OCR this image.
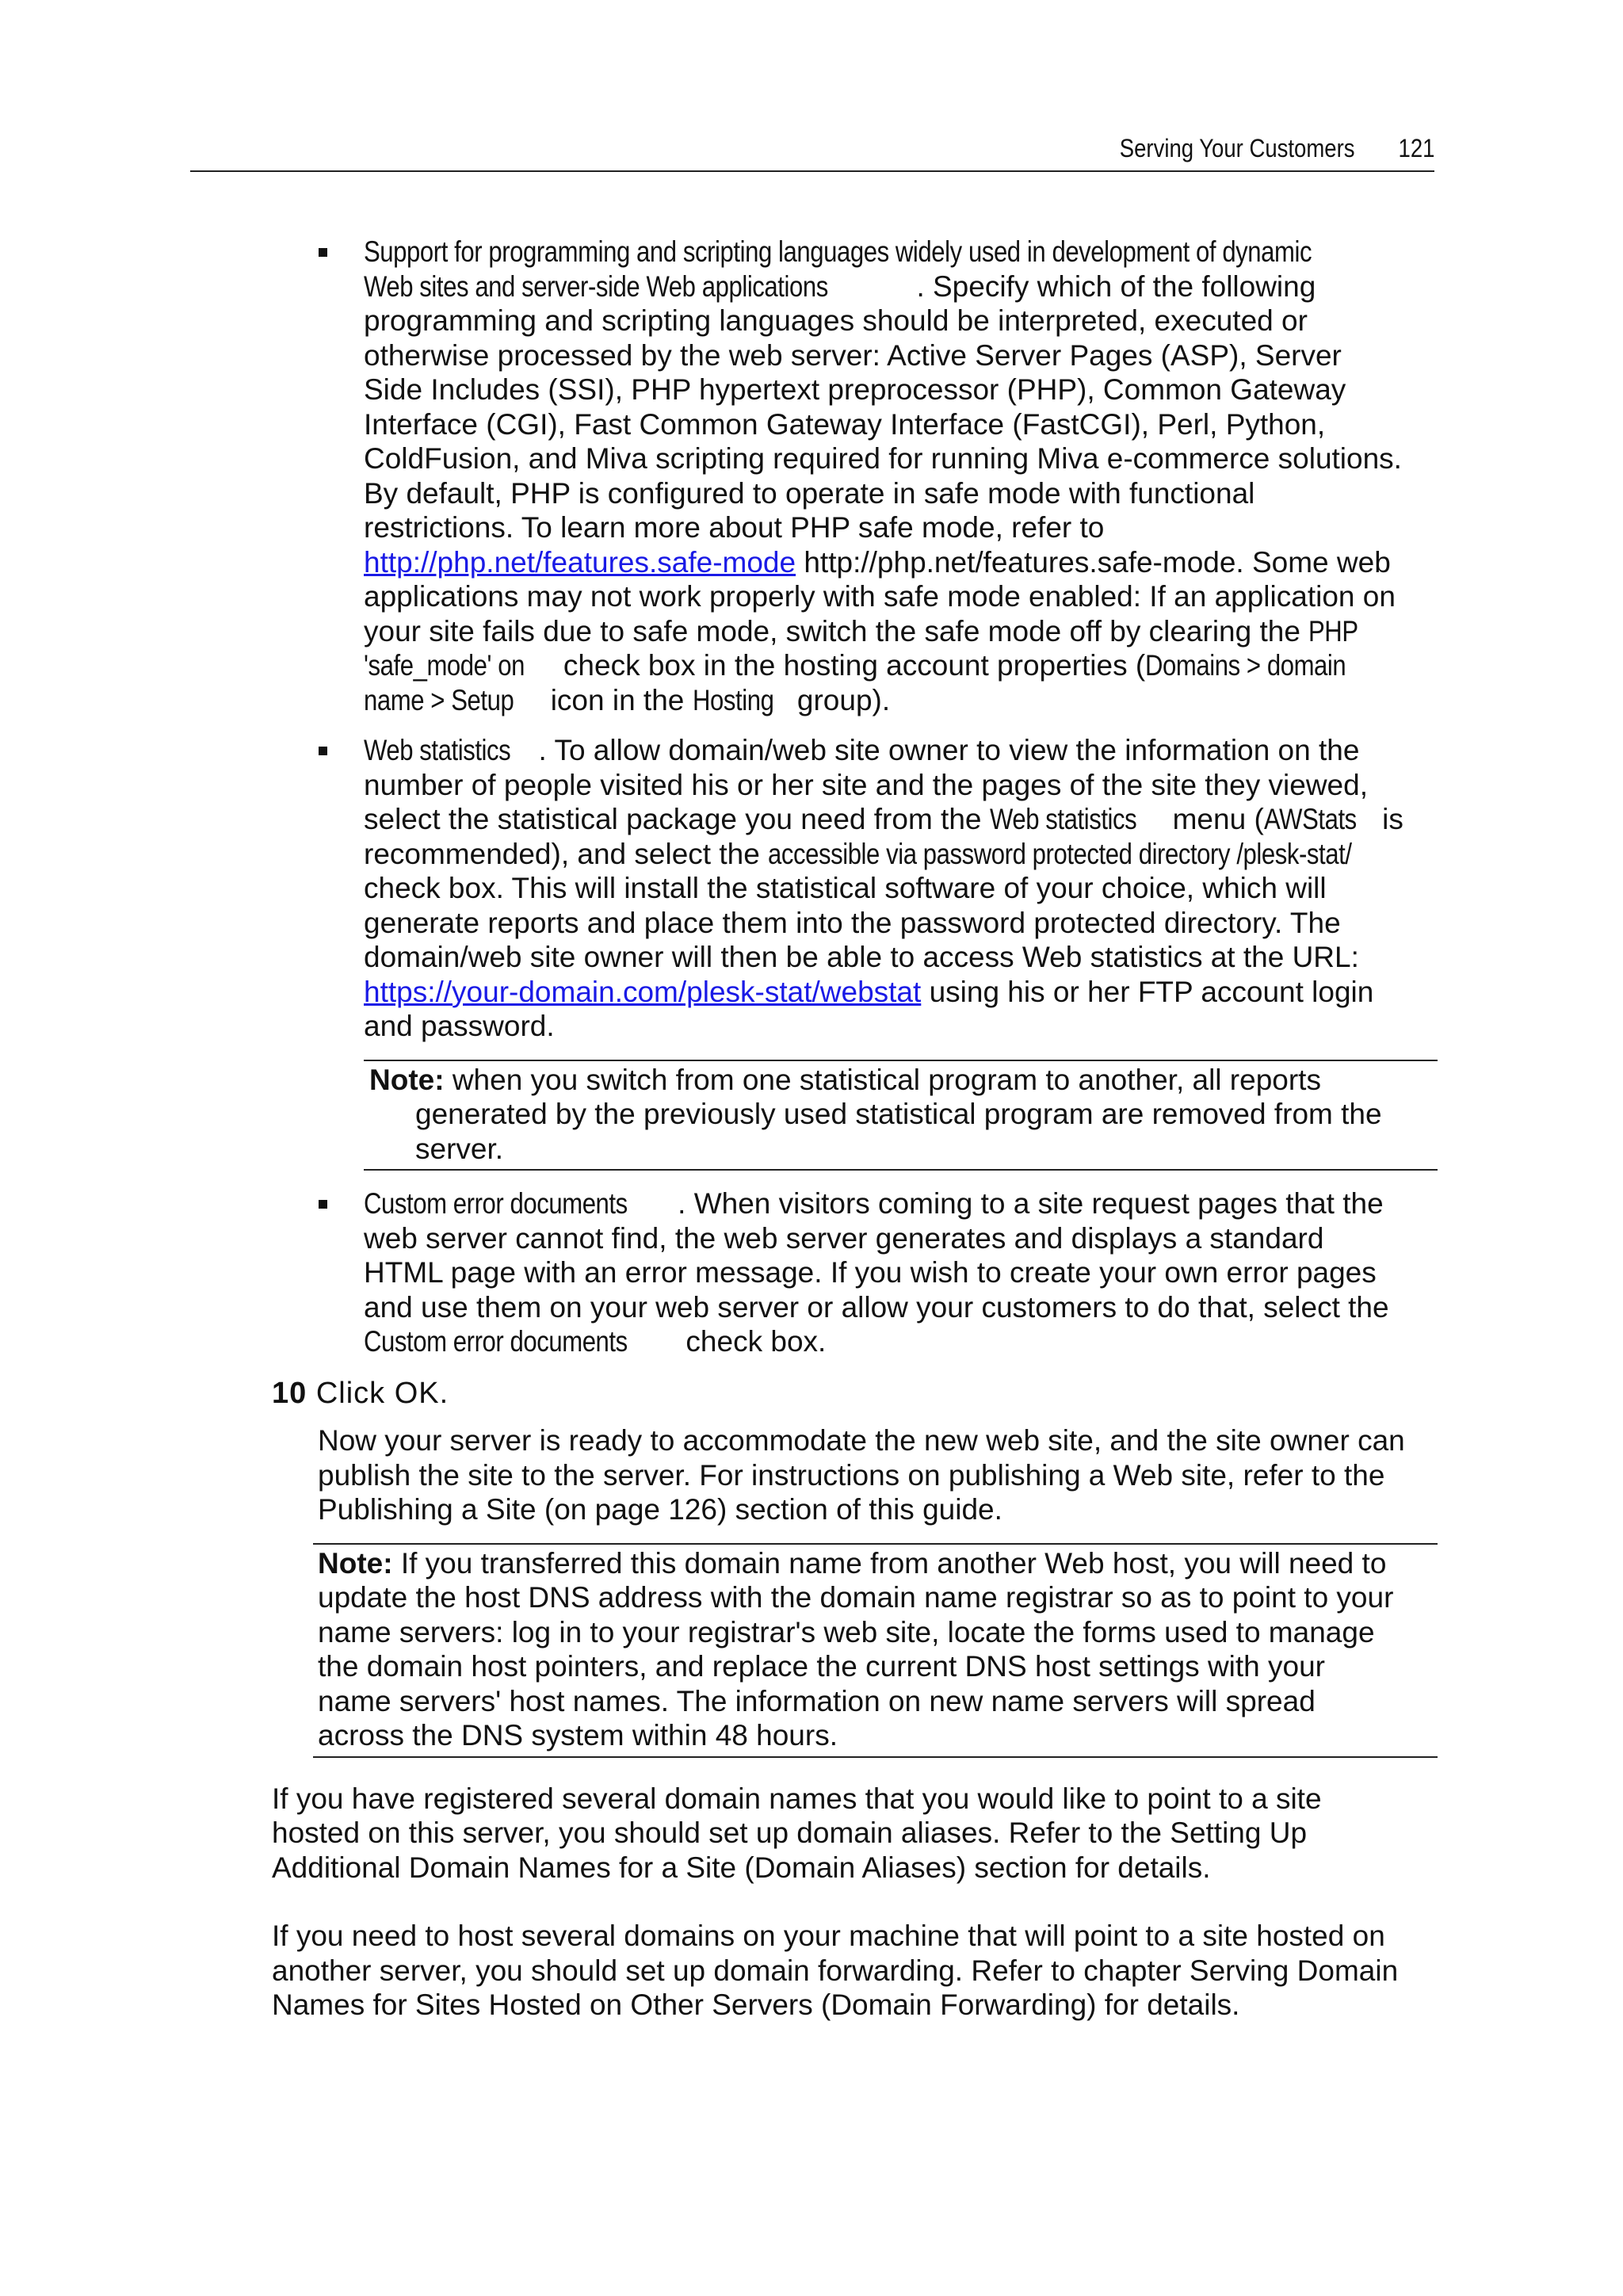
Serving Your Customers 121
Support for programming and scripting languages widely used in development of dynamic
Web sites and server-side Web applications	. Specify which of the following
programming and scripting languages should be interpreted, executed or
otherwise processed by the web server: Active Server Pages (ASP), Server
Side Includes (SSI), PHP hypertext preprocessor (PHP), Common Gateway
Interface (CGI), Fast Common Gateway Interface (FastCGI), Perl, Python,
ColdFusion, and Miva scripting required for running Miva e-commerce solutions.
By default, PHP is configured to operate in safe mode with functional
restrictions. To learn more about PHP safe mode, refer to
http://php.net/features.safe-mode http://php.net/features.safe-mode. Some web
applications may not work properly with safe mode enabled: If an application on
your site fails due to safe mode, switch the safe mode off by clearing the PHP
'safe_mode' on check box in the hosting account properties (Domains > domain
name > Setup icon in the Hosting group).
Web statistics . To allow domain/web site owner to view the information on the
number of people visited his or her site and the pages of the site they viewed,
select the statistical package you need from the Web statistics menu (AWStats is
recommended), and select the accessible via password protected directory /plesk-stat/
check box. This will install the statistical software of your choice, which will
generate reports and place them into the password protected directory. The
domain/web site owner will then be able to access Web statistics at the URL:
https://your-domain.com/plesk-stat/webstat using his or her FTP account login
and password.
Note: when you switch from one statistical program to another, all reports
generated by the previously used statistical program are removed from the
server.
Custom error documents . When visitors coming to a site request pages that the
web server cannot find, the web server generates and displays a standard
HTML page with an error message. If you wish to create your own error pages
and use them on your web server or allow your customers to do that, select the
Custom error documents check box.
10 Click OK.
Now your server is ready to accommodate the new web site, and the site owner can
publish the site to the server. For instructions on publishing a Web site, refer to the
Publishing a Site (on page 126) section of this guide.
Note: If you transferred this domain name from another Web host, you will need to
update the host DNS address with the domain name registrar so as to point to your
name servers: log in to your registrar's web site, locate the forms used to manage
the domain host pointers, and replace the current DNS host settings with your
name servers' host names. The information on new name servers will spread
across the DNS system within 48 hours.
If you have registered several domain names that you would like to point to a site
hosted on this server, you should set up domain aliases. Refer to the Setting Up
Additional Domain Names for a Site (Domain Aliases) section for details.
If you need to host several domains on your machine that will point to a site hosted on
another server, you should set up domain forwarding. Refer to chapter Serving Domain
Names for Sites Hosted on Other Servers (Domain Forwarding) for details.
